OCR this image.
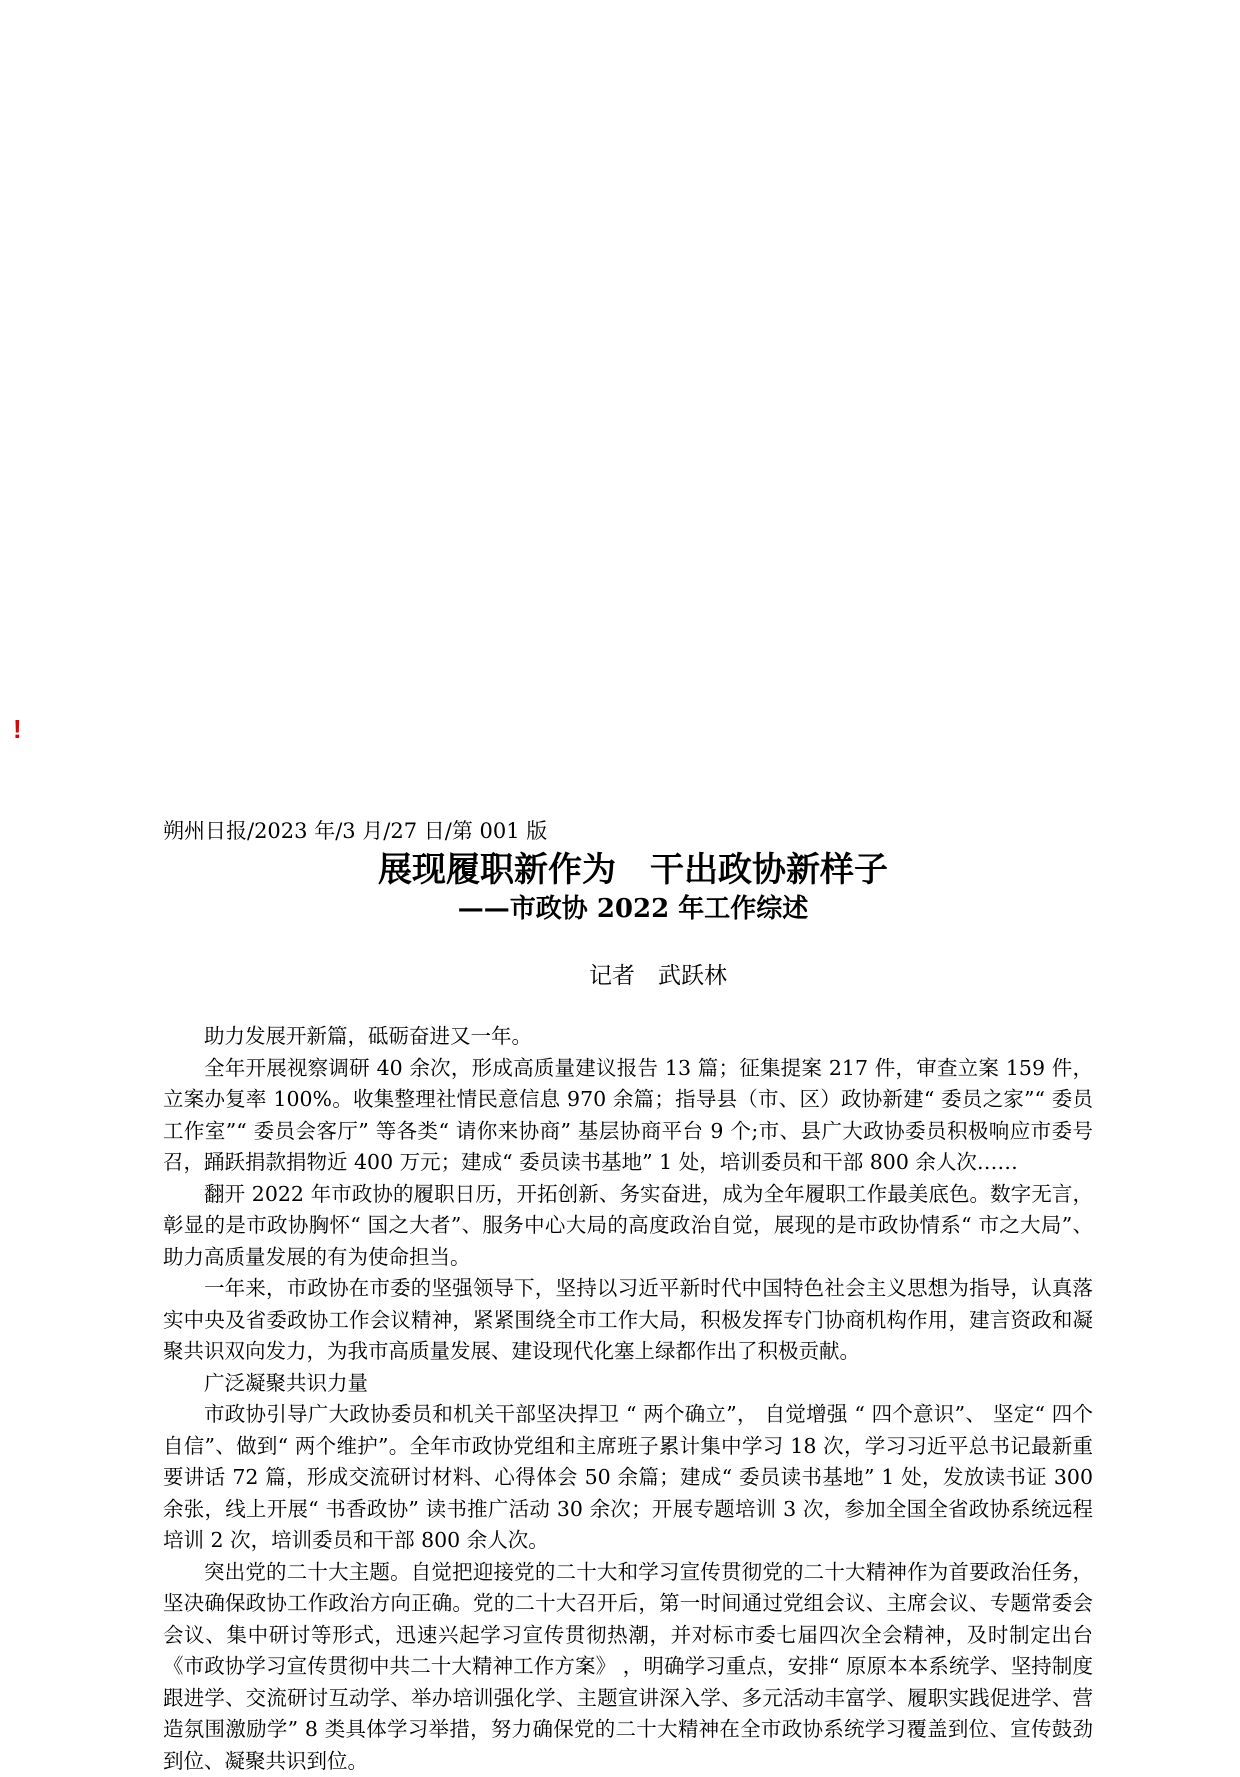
!

朔州日报/2023 年/3 月/27 日/第 001 版

展现履职新作为　干出政协新样子
——市政协 2022 年工作综述
记者　武跃林

助力发展开新篇，砥砺奋进又一年。

全年开展视察调研 40 余次，形成高质量建议报告 13 篇；征集提案 217 件，审查立案 159 件，立案办复率 100%。收集整理社情民意信息 970 余篇；指导县（市、区）政协新建“ 委员之家”“ 委员工作室”“ 委员会客厅” 等各类“ 请你来协商” 基层协商平台 9 个;市、县广大政协委员积极响应市委号召，踊跃捐款捐物近 400 万元；建成“ 委员读书基地” 1 处，培训委员和干部 800 余人次……

翻开 2022 年市政协的履职日历，开拓创新、务实奋进，成为全年履职工作最美底色。数字无言，彰显的是市政协胸怀“ 国之大者”、服务中心大局的高度政治自觉，展现的是市政协情系“ 市之大局”、助力高质量发展的有为使命担当。

一年来，市政协在市委的坚强领导下，坚持以习近平新时代中国特色社会主义思想为指导，认真落实中央及省委政协工作会议精神，紧紧围绕全市工作大局，积极发挥专门协商机构作用，建言资政和凝聚共识双向发力，为我市高质量发展、建设现代化塞上绿都作出了积极贡献。

广泛凝聚共识力量

市政协引导广大政协委员和机关干部坚决捍卫 “ 两个确立”， 自觉增强 “ 四个意识”、 坚定“ 四个自信”、做到“ 两个维护”。全年市政协党组和主席班子累计集中学习 18 次，学习习近平总书记最新重要讲话 72 篇，形成交流研讨材料、心得体会 50 余篇；建成“ 委员读书基地” 1 处，发放读书证 300 余张，线上开展“ 书香政协” 读书推广活动 30 余次；开展专题培训 3 次，参加全国全省政协系统远程培训 2 次，培训委员和干部 800 余人次。

突出党的二十大主题。自觉把迎接党的二十大和学习宣传贯彻党的二十大精神作为首要政治任务，坚决确保政协工作政治方向正确。党的二十大召开后，第一时间通过党组会议、主席会议、专题常委会会议、集中研讨等形式，迅速兴起学习宣传贯彻热潮，并对标市委七届四次全会精神，及时制定出台《市政协学习宣传贯彻中共二十大精神工作方案》 ，明确学习重点，安排“ 原原本本系统学、坚持制度跟进学、交流研讨互动学、举办培训强化学、主题宣讲深入学、多元活动丰富学、履职实践促进学、营造氛围激励学” 8 类具体学习举措，努力确保党的二十大精神在全市政协系统学习覆盖到位、宣传鼓劲到位、凝聚共识到位。
